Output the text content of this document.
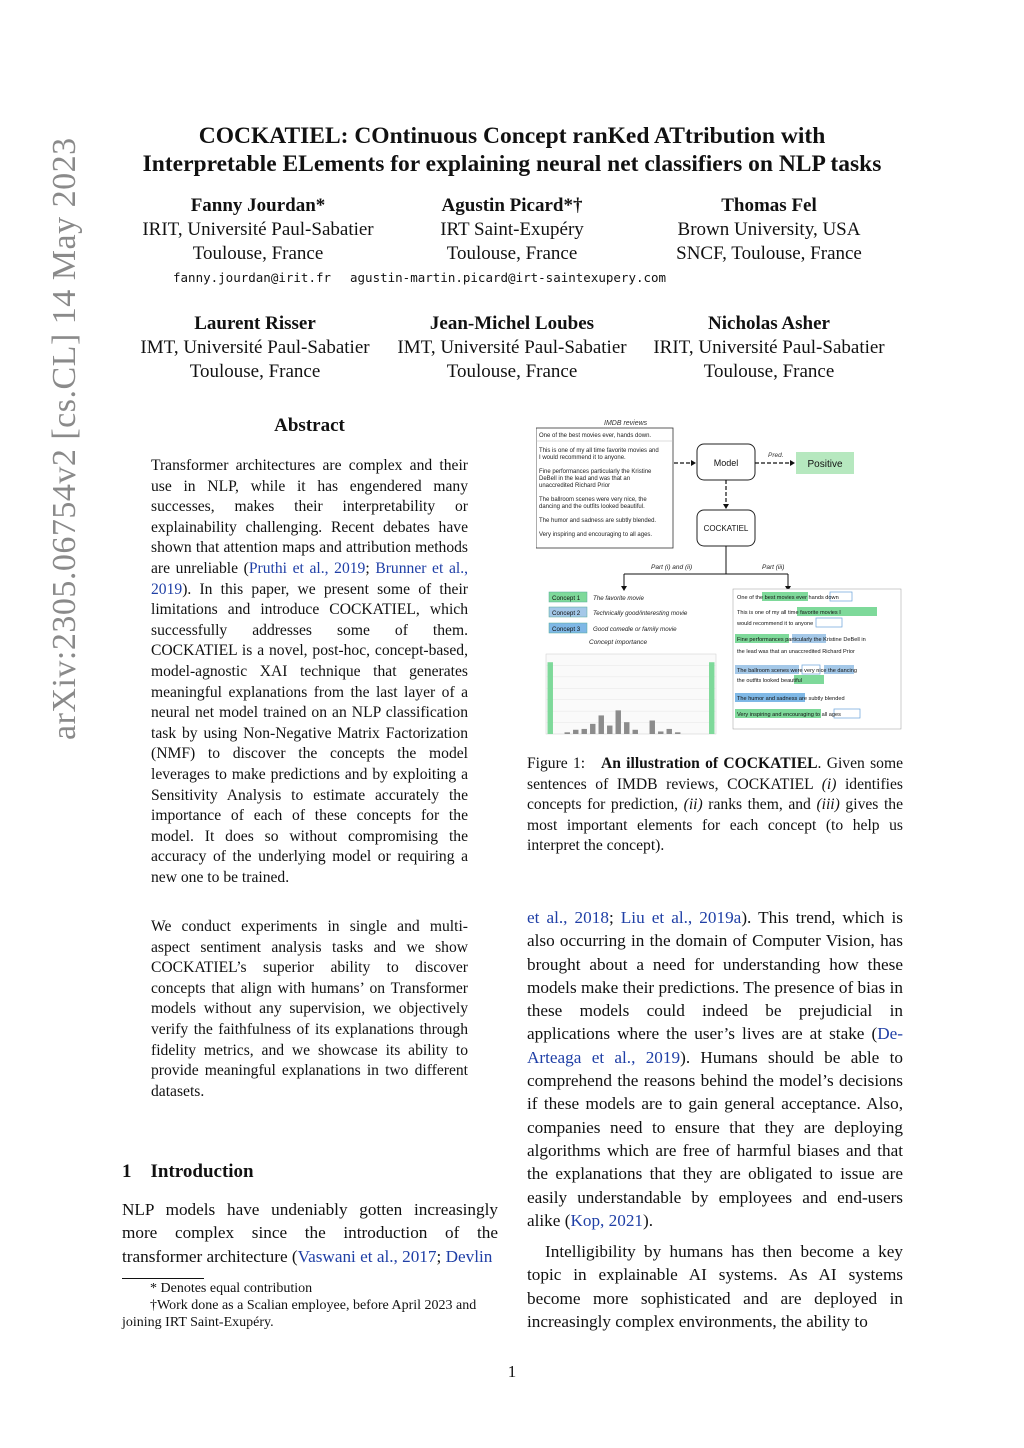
COCKATIEL: COntinuous Concept ranKed ATtribution with
Interpretable ELements for explaining neural net classifiers on NLP tasks
Fanny Jourdan*
IRIT, Université Paul-Sabatier
Toulouse, France
Agustin Picard*†
IRT Saint-Exupéry
Toulouse, France
Thomas Fel
Brown University, USA
SNCF, Toulouse, France
fanny.jourdan@irit.fr agustin-martin.picard@irt-saintexupery.com
Laurent Risser
IMT, Université Paul-Sabatier
Toulouse, France
Jean-Michel Loubes
IMT, Université Paul-Sabatier
Toulouse, France
Nicholas Asher
IRIT, Université Paul-Sabatier
Toulouse, France
arXiv:2305.06754v2 [cs.CL] 14 May 2023	Abstract

Transformer architectures are complex and their use in NLP, while it has engendered many successes, makes their interpretability or explainability challenging. Recent debates have shown that attention maps and attribution methods are unreliable (Pruthi et al., 2019; Brunner et al., 2019). In this paper, we present some of their limitations and introduce COCKATIEL, which successfully addresses some of them. COCKATIEL is a novel, post-hoc, concept-based, model-agnostic XAI technique that generates meaningful explanations from the last layer of a neural net model trained on an NLP classification task by using Non-Negative Matrix Factorization (NMF) to discover the concepts the model leverages to make predictions and by exploiting a Sensitivity Analysis to estimate accurately the importance of each of these concepts for the model. It does so without compromising the accuracy of the underlying model or requiring a new one to be trained.

We conduct experiments in single and multi-aspect sentiment analysis tasks and we show COCKATIEL’s superior ability to discover concepts that align with humans’ on Transformer models without any supervision, we objectively verify the faithfulness of its explanations through fidelity metrics, and we showcase its ability to provide meaningful explanations in two different datasets.

1    Introduction
NLP models have undeniably gotten increasingly more complex since the introduction of the transformer architecture (Vaswani et al., 2017; Devlin

* Denotes equal contribution

†Work done as a Scalian employee, before April 2023 and joining IRT Saint-Exupéry.

IMDB reviews
One of the best movies ever, hands down.
This is one of my all time favorite movies and
I would recommend it to anyone.
Fine performances particularly the Kristine
DeBell in the lead and was that an
unaccredited Richard Prior
The ballroom scenes were very nice, the
dancing and the outfits looked beautiful.
The humor and sadness are subtly blended.
Very inspiring and encouraging to all ages.
Model
Pred.
Positive
COCKATIEL
Part (i) and (ii)	Part (iii)
Concept 1 The favorite movie
Concept 2 Technically good/interesting movie
Concept 3 Good comedie or family movie
Concept importance
One of the best movies ever hands down
This is one of my all time favorite movies I
would recommend it to anyone
Fine performances particularly the Kristine DeBell in
the lead was that an unaccredited Richard Prior
The ballroom scenes were very nice the dancing
the outfits looked beautiful
The humor and sadness are subtly blended
Very inspiring and encouraging to all ages
Figure 1:   An illustration of COCKATIEL. Given some sentences of IMDB reviews, COCKATIEL (i) identifies concepts for prediction, (ii) ranks them, and (iii) gives the most important elements for each concept (to help us interpret the concept).

et al., 2018; Liu et al., 2019a). This trend, which is also occurring in the domain of Computer Vision, has brought about a need for understanding how these models make their predictions. The presence of bias in these models could indeed be prejudicial in applications where the user’s lives are at stake (De-Arteaga et al., 2019). Humans should be able to comprehend the reasons behind the model’s decisions if these models are to gain general acceptance. Also, companies need to ensure that they are deploying algorithms which are free of harmful biases and that the explanations that they are obligated to issue are easily understandable by employees and end-users alike (Kop, 2021).

Intelligibility by humans has then become a key topic in explainable AI systems. As AI systems become more sophisticated and are deployed in increasingly complex environments, the ability to

1
